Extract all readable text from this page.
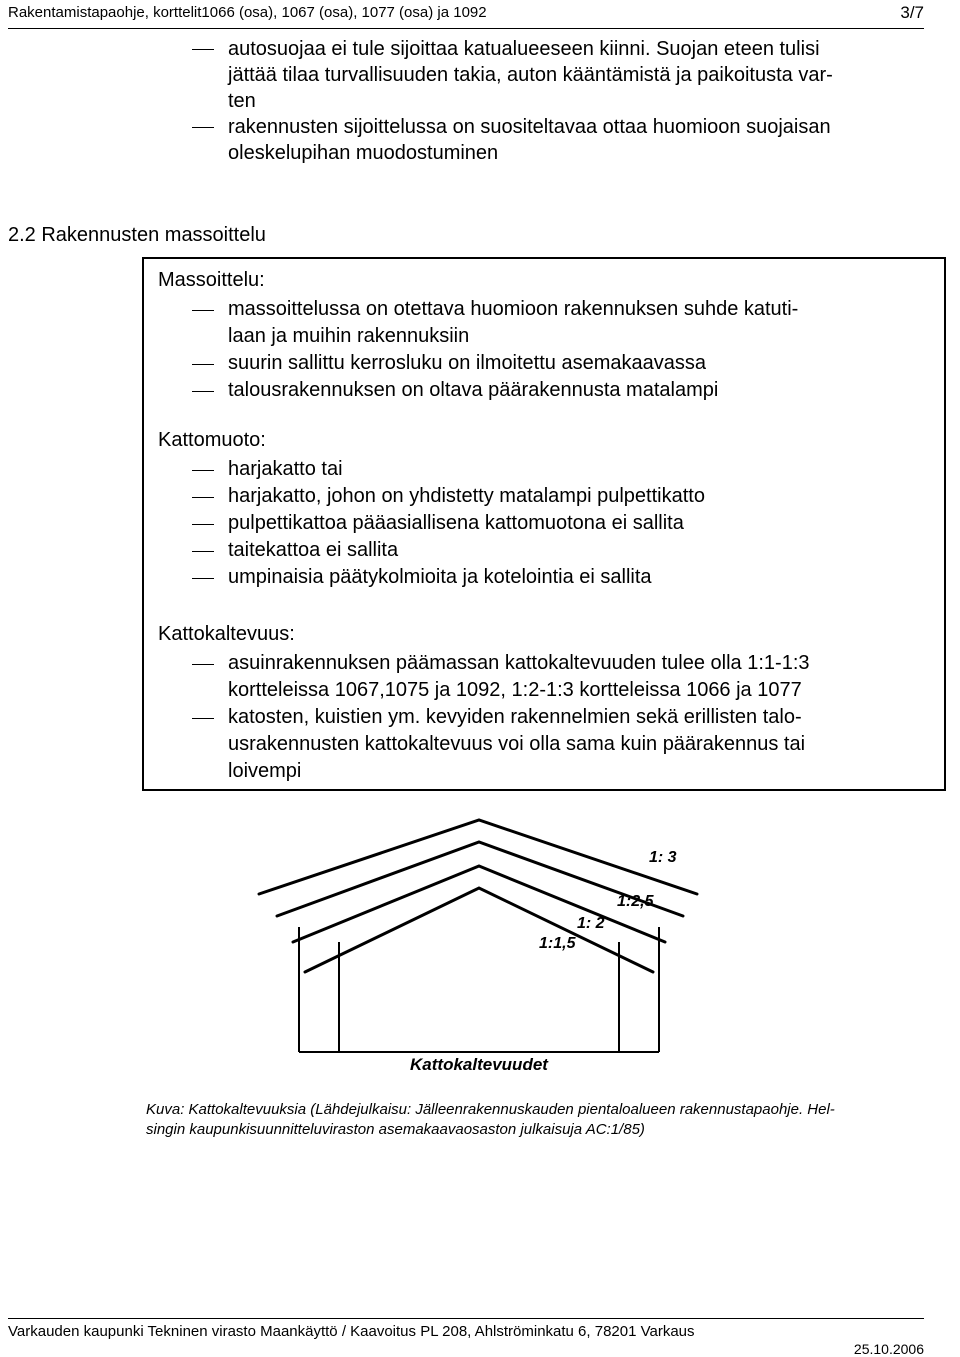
Rakentamistapaohje, korttelit1066 (osa), 1067 (osa), 1077 (osa) ja 1092	3/7
autosuojaa ei tule sijoittaa katualueeseen kiinni. Suojan eteen tulisi
jättää tilaa turvallisuuden takia, auton kääntämistä ja paikoitusta var-
ten
rakennusten sijoittelussa on suositeltavaa ottaa huomioon suojaisan
oleskelupihan muodostuminen
2.2 Rakennusten massoittelu
Massoittelu:
massoittelussa on otettava huomioon rakennuksen suhde katuti-
laan ja muihin rakennuksiin
suurin sallittu kerrosluku on ilmoitettu asemakaavassa
talousrakennuksen on oltava päärakennusta matalampi
Kattomuoto:
harjakatto tai
harjakatto, johon on yhdistetty matalampi pulpettikatto
pulpettikattoa pääasiallisena kattomuotona ei sallita
taitekattoa ei sallita
umpinaisia päätykolmioita ja kotelointia ei sallita
Kattokaltevuus:
asuinrakennuksen päämassan kattokaltevuuden tulee olla 1:1-1:3
kortteleissa 1067,1075 ja 1092, 1:2-1:3 kortteleissa 1066 ja 1077
katosten, kuistien ym. kevyiden rakennelmien sekä erillisten talo-
usrakennusten kattokaltevuus voi olla sama kuin päärakennus tai
loivempi
1: 3
1:2,5
1: 2
1:1,5
Kattokaltevuudet
Kuva: Kattokaltevuuksia (Lähdejulkaisu: Jälleenrakennuskauden pientaloalueen rakennustapaohje. Hel-
singin kaupunkisuunnitteluviraston asemakaavaosaston julkaisuja AC:1/85)
Varkauden kaupunki Tekninen virasto Maankäyttö / Kaavoitus PL 208, Ahlströminkatu 6, 78201 Varkaus
25.10.2006
